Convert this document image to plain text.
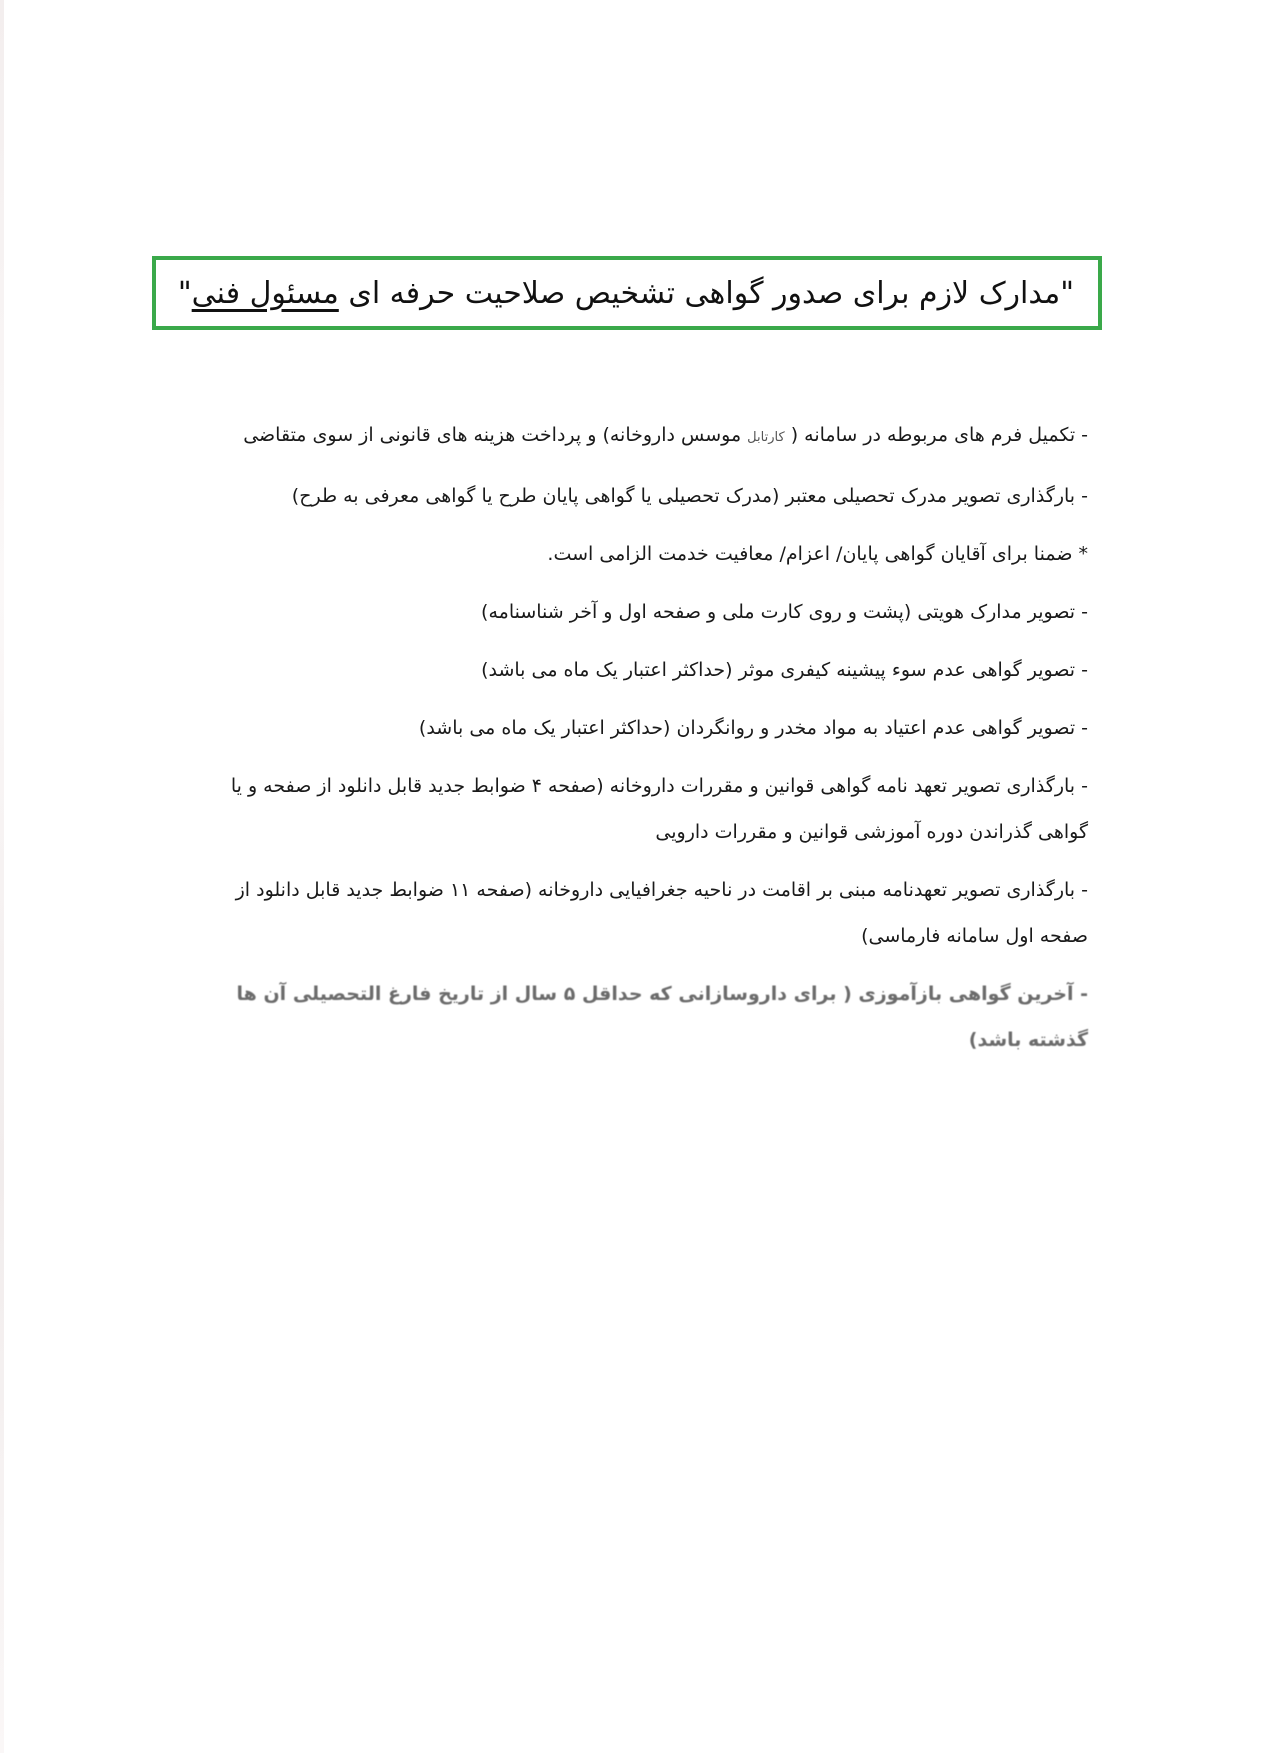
"مدارک لازم برای صدور گواهی تشخیص صلاحیت حرفه ای مسئول فنی"

- تکمیل فرم های مربوطه در سامانه ( کارتابل موسس داروخانه) و پرداخت هزینه های قانونی از سوی متقاضی

- بارگذاری تصویر مدرک تحصیلی معتبر (مدرک تحصیلی یا گواهی پایان طرح یا گواهی معرفی به طرح)

* ضمنا برای آقایان گواهی پایان/ اعزام/ معافیت خدمت الزامی است.

- تصویر مدارک هویتی (پشت و روی کارت ملی و صفحه اول و آخر شناسنامه)

- تصویر گواهی عدم سوء پیشینه کیفری موثر (حداکثر اعتبار یک ماه می باشد)

- تصویر گواهی عدم اعتیاد به مواد مخدر و روانگردان (حداکثر اعتبار یک ماه می باشد)

- بارگذاری تصویر تعهد نامه گواهی قوانین و مقررات داروخانه (صفحه ۴ ضوابط جدید قابل دانلود از صفحه و یا گواهی گذراندن دوره آموزشی قوانین و مقررات دارویی

- بارگذاری تصویر تعهدنامه مبنی بر اقامت در ناحیه جغرافیایی داروخانه (صفحه ۱۱ ضوابط جدید قابل دانلود از صفحه اول سامانه فارماسی)

- آخرین گواهی بازآموزی ( برای داروسازانی که حداقل ۵ سال از تاریخ فارغ التحصیلی آن ها گذشته باشد)
